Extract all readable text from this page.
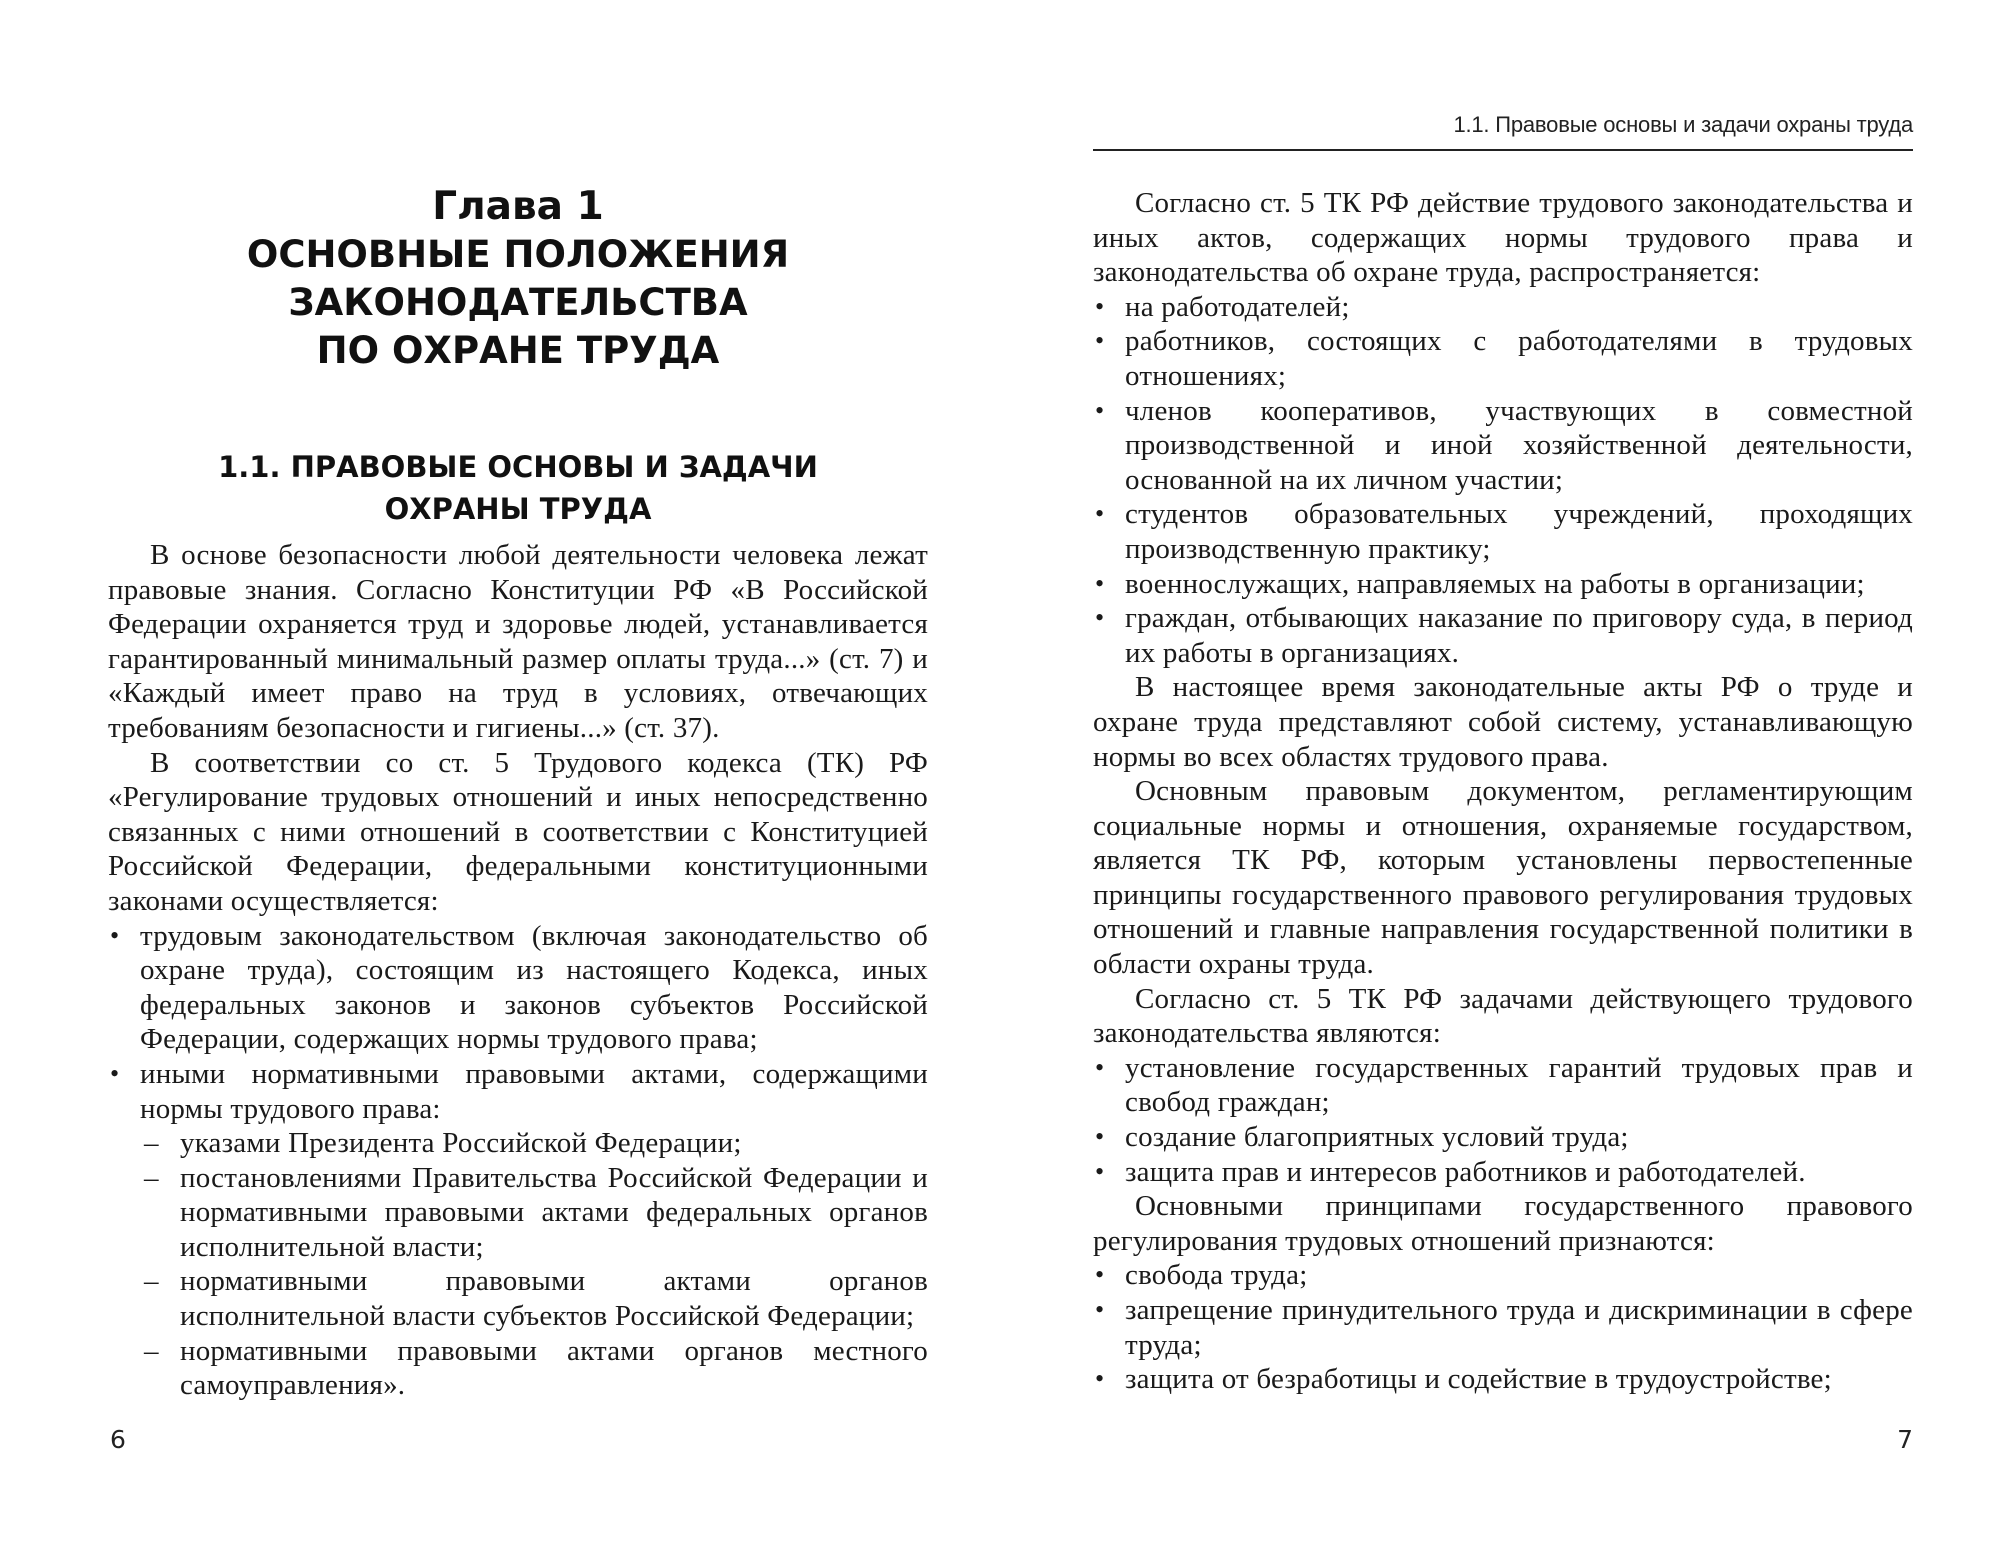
Глава 1
ОСНОВНЫЕ ПОЛОЖЕНИЯ
ЗАКОНОДАТЕЛЬСТВА
ПО ОХРАНЕ ТРУДА
1.1. ПРАВОВЫЕ ОСНОВЫ И ЗАДАЧИ
ОХРАНЫ ТРУДА

В основе безопасности любой деятельности человека лежат правовые знания. Согласно Конституции РФ «В Российской Федерации охраняется труд и здоровье людей, устанавливается гарантированный минимальный размер оплаты труда...» (ст. 7) и «Каждый имеет право на труд в условиях, отвечающих требованиям безопасности и гигиены...» (ст. 37).

В соответствии со ст. 5 Трудового кодекса (ТК) РФ «Регулирование трудовых отношений и иных непосредственно связанных с ними отношений в соответствии с Конституцией Российской Федерации, федеральными конституционными законами осуществляется:

• трудовым законодательством (включая законодательство об охране труда), состоящим из настоящего Кодекса, иных федеральных законов и законов субъектов Российской Федерации, содержащих нормы трудового права;
• иными нормативными правовыми актами, содержащими нормы трудового права:
– указами Президента Российской Федерации;
– постановлениями Правительства Российской Федерации и нормативными правовыми актами федеральных органов исполнительной власти;
– нормативными правовыми актами органов исполнительной власти субъектов Российской Федерации;
– нормативными правовыми актами органов местного самоуправления».
6
1.1. Правовые основы и задачи охраны труда

Согласно ст. 5 ТК РФ действие трудового законодательства и иных актов, содержащих нормы трудового права и законодательства об охране труда, распространяется:

• на работодателей;
• работников, состоящих с работодателями в трудовых отношениях;
• членов кооперативов, участвующих в совместной производственной и иной хозяйственной деятельности, основанной на их личном участии;
• студентов образовательных учреждений, проходящих производственную практику;
• военнослужащих, направляемых на работы в организации;
• граждан, отбывающих наказание по приговору суда, в период их работы в организациях.

В настоящее время законодательные акты РФ о труде и охране труда представляют собой систему, устанавливающую нормы во всех областях трудового права.

Основным правовым документом, регламентирующим социальные нормы и отношения, охраняемые государством, является ТК РФ, которым установлены первостепенные принципы государственного правового регулирования трудовых отношений и главные направления государственной политики в области охраны труда.

Согласно ст. 5 ТК РФ задачами действующего трудового законодательства являются:

• установление государственных гарантий трудовых прав и свобод граждан;
• создание благоприятных условий труда;
• защита прав и интересов работников и работодателей.

Основными принципами государственного правового регулирования трудовых отношений признаются:

• свобода труда;
• запрещение принудительного труда и дискриминации в сфере труда;
• защита от безработицы и содействие в трудоустройстве;
7
